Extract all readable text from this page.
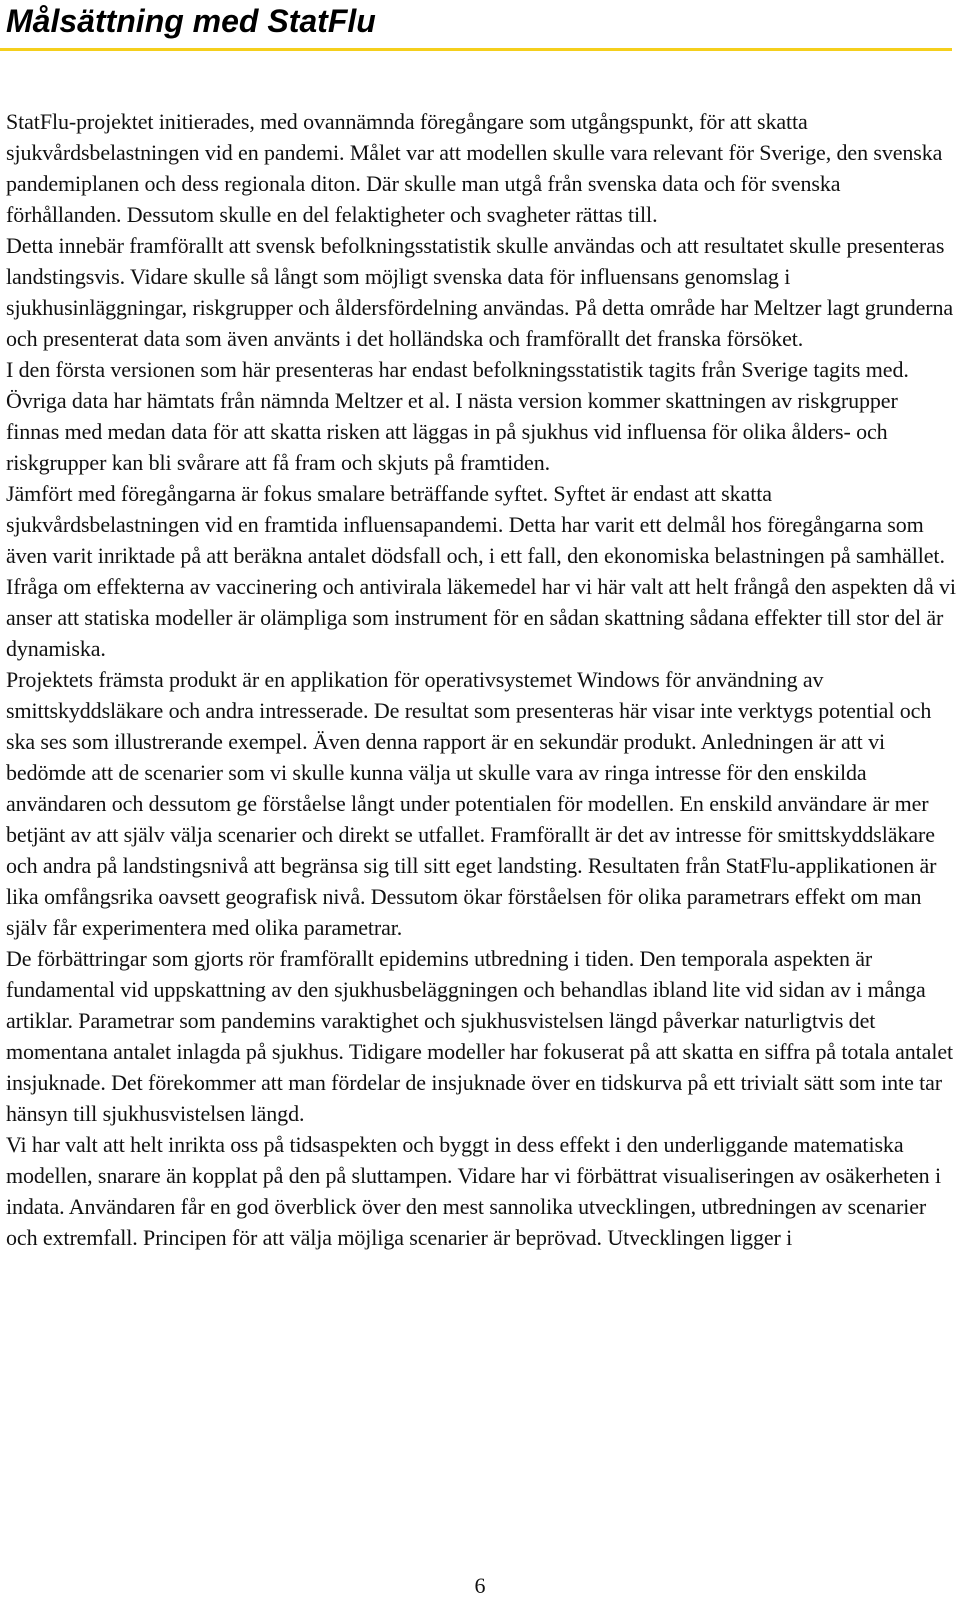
Målsättning med StatFlu

StatFlu-projektet initierades, med ovannämnda föregångare som utgångspunkt, för att skatta sjukvårdsbelastningen vid en pandemi. Målet var att modellen skulle vara relevant för Sverige, den svenska pandemiplanen och dess regionala diton. Där skulle man utgå från svenska data och för svenska förhållanden. Dessutom skulle en del felaktigheter och svagheter rättas till.

Detta innebär framförallt att svensk befolkningsstatistik skulle användas och att resultatet skulle presenteras landstingsvis. Vidare skulle så långt som möjligt svenska data för influensans genomslag i sjukhusinläggningar, riskgrupper och åldersfördelning användas. På detta område har Meltzer lagt grunderna och presenterat data som även använts i det holländska och framförallt det franska försöket.

I den första versionen som här presenteras har endast befolkningsstatistik tagits från Sverige tagits med. Övriga data har hämtats från nämnda Meltzer et al. I nästa version kommer skattningen av riskgrupper finnas med medan data för att skatta risken att läggas in på sjukhus vid influensa för olika ålders- och riskgrupper kan bli svårare att få fram och skjuts på framtiden.

Jämfört med föregångarna är fokus smalare beträffande syftet. Syftet är endast att skatta sjukvårdsbelastningen vid en framtida influensapandemi. Detta har varit ett delmål hos föregångarna som även varit inriktade på att beräkna antalet dödsfall och, i ett fall, den ekonomiska belastningen på samhället. Ifråga om effekterna av vaccinering och antivirala läkemedel har vi här valt att helt frångå den aspekten då vi anser att statiska modeller är olämpliga som instrument för en sådan skattning sådana effekter till stor del är dynamiska.

Projektets främsta produkt är en applikation för operativsystemet Windows för användning av smittskyddsläkare och andra intresserade. De resultat som presenteras här visar inte verktygs potential och ska ses som illustrerande exempel. Även denna rapport är en sekundär produkt. Anledningen är att vi bedömde att de scenarier som vi skulle kunna välja ut skulle vara av ringa intresse för den enskilda användaren och dessutom ge förståelse långt under potentialen för modellen. En enskild användare är mer betjänt av att själv välja scenarier och direkt se utfallet. Framförallt är det av intresse för smittskyddsläkare och andra på landstingsnivå att begränsa sig till sitt eget landsting. Resultaten från StatFlu-applikationen är lika omfångsrika oavsett geografisk nivå. Dessutom ökar förståelsen för olika parametrars effekt om man själv får experimentera med olika parametrar.

De förbättringar som gjorts rör framförallt epidemins utbredning i tiden. Den temporala aspekten är fundamental vid uppskattning av den sjukhusbeläggningen och behandlas ibland lite vid sidan av i många artiklar. Parametrar som pandemins varaktighet och sjukhusvistelsen längd påverkar naturligtvis det momentana antalet inlagda på sjukhus. Tidigare modeller har fokuserat på att skatta en siffra på totala antalet insjuknade. Det förekommer att man fördelar de insjuknade över en tidskurva på ett trivialt sätt som inte tar hänsyn till sjukhusvistelsen längd.

Vi har valt att helt inrikta oss på tidsaspekten och byggt in dess effekt i den underliggande matematiska modellen, snarare än kopplat på den på sluttampen. Vidare har vi förbättrat visualiseringen av osäkerheten i indata. Användaren får en god överblick över den mest sannolika utvecklingen, utbredningen av scenarier och extremfall. Principen för att välja möjliga scenarier är beprövad. Utvecklingen ligger i

6
